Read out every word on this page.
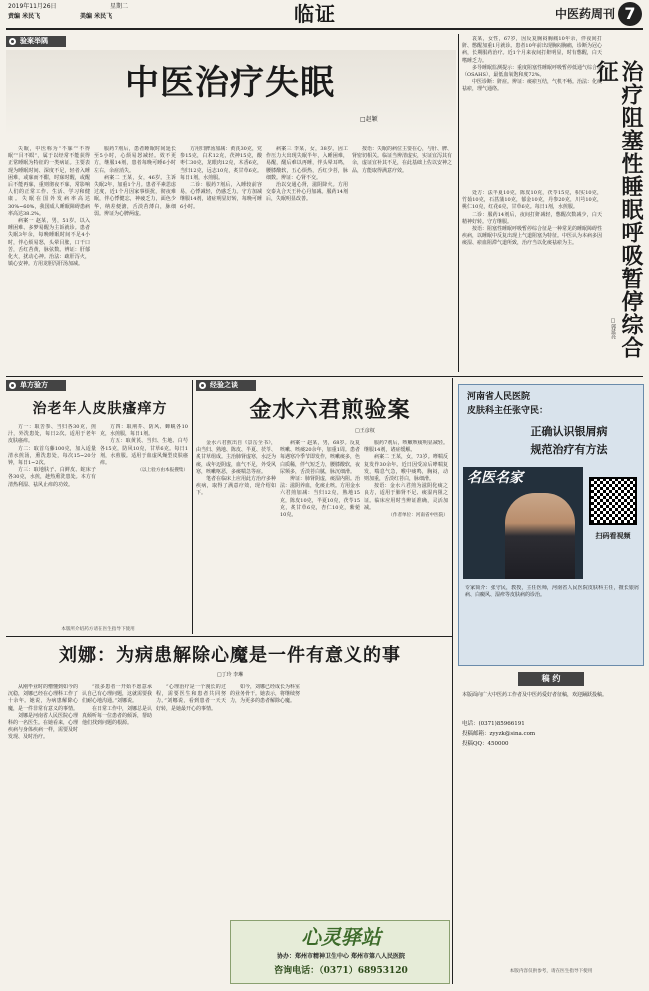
2019年11月26日	星期二
责编 米民飞	美编 米民飞	临证	中医药周刊 7
验案举隅
中医治疗失眠
□赵颖

失眠，中医称为“不寐”“不得眠”“目不瞑”，属于以经常不能获得正常睡眠为特征的一类病证。主要表现为睡眠时间、深度不足，轻者入睡困难，或寐而不酣，时寐时醒，或醒后不能再寐，重则彻夜不寐，常影响人们的正常工作、生活、学习和健康。失眠在国外发病率高达30%~60%，我国成人睡眠障碍患病率高达38.2%。

病案一 赵某，男，51岁。以入睡困难、多梦易醒为主诉就诊。患者失眠3年余，每晚睡眠时间不足4小时，伴心烦易怒，头晕目胀，口干口苦，舌红苔黄，脉弦数。辨证：肝郁化火，扰动心神。治法：疏肝泻火，镇心安神。方用龙胆泻肝汤加减。

服药7剂后，患者睡眠时间延长至5小时，心烦易怒减轻。效不更方，继服14剂，患者每晚可睡6小时左右，余症消失。

病案二 王某，女，46岁。主诉失眠2年，加重1个月。患者平素思虑过度，近1个月因家事烦扰，彻夜难眠，伴心悸健忘，神疲乏力，面色少华，纳差便溏，舌淡苔薄白，脉细弱。辨证为心脾两虚。

方用归脾汤加减：黄芪30克，党参15克，白术12克，茯神15克，酸枣仁30克，龙眼肉12克，木香6克，当归12克，远志10克，炙甘草6克。每日1剂，水煎服。

二诊：服药7剂后，入睡较前容易，心悸减轻，仍感乏力。守方加减继服14剂，诸症明显好转，每晚可睡6小时。

病案三 李某，女，38岁。因工作压力大出现失眠半年，入睡困难，易醒，醒后难以再睡，伴头晕耳鸣，腰膝酸软，五心烦热，舌红少苔，脉细数。辨证：心肾不交。

治以交通心肾，滋阴降火。方用交泰丸合天王补心丹加减。服药14剂后，失眠明显改善。

按语：失眠的病位主要在心，与肝、脾、肾密切相关。临证当辨清虚实，实证宜泻其有余，虚证宜补其不足，在此基础上佐以安神之品，方能取得满意疗效。

袁某，女性，67岁，因反复胸闷胸痛10年余，伴夜间打鼾、憋醒加重1月就诊。患者10年前出现胸闷胸痛，诊断为冠心病，长期服药治疗。近1个月来夜间打鼾明显，时有憋醒，白天嗜睡乏力。

多导睡眠监测提示：重度阻塞性睡眠呼吸暂停低通气综合征（OSAHS），最低血氧饱和度72%。

中医诊断：鼾症。辨证：痰瘀互结，气机不畅。治法：化痰祛瘀，理气通络。	治疗阻塞性睡眠呼吸暂停综合征
□郭延亮

处方：法半夏10克，陈皮10克，茯苓15克，枳实10克，竹茹10克，石菖蒲10克，郁金10克，丹参20克，川芎10克，桃仁10克，红花6克，甘草6克。每日1剂，水煎服。

二诊：服药14剂后，夜间打鼾减轻，憋醒次数减少，白天精神好转。守方继服。

按语：阻塞性睡眠呼吸暂停综合征是一种常见的睡眠障碍性疾病，以睡眠中反复出现上气道阻塞为特征。中医认为本病多因痰湿、瘀血阻滞气道所致，治疗当以化痰祛瘀为主。

单方验方
治老年人皮肤瘙痒方

方一：取苦参、当归各30克，煎汁，外洗患处，每日2次。适用于老年皮肤瘙痒。

方二：取首乌藤100克，加入适量清水煎汤，熏洗患处，每次15~20分钟，每日1~2次。

方三：取地肤子、白鲜皮、蛇床子各30克，水煎，趁热熏洗患处。本方有清热利湿、祛风止痒的功效。

方四：取荆芥、防风、蝉蜕各10克，水煎服，每日1剂。

方五：取黄芪、当归、生地、白芍各15克，防风10克，甘草6克。每日1剂，水煎服。适用于血虚风燥型皮肤瘙痒。

（以上验方由本报搜集）

本版所介绍药方请在医生指导下使用
经验之谈
金水六君煎验案
□王彦权

金水六君煎出自《景岳全书》，由当归、熟地、陈皮、半夏、茯苓、炙甘草组成。主治肺肾虚寒，水泛为痰，或年迈阴虚，血气不足，外受风寒，咳嗽呕恶，多痰喘急等症。

笔者在临床上应用此方治疗多种疾病，取得了满意疗效，现介绍如下。

病案一 赵某，男，68岁。反复咳嗽、咳痰20余年，加重1周。患者每遇寒冷季节即发作，咳嗽痰多，色白质稀，伴气短乏力，腰膝酸软，夜尿频多，舌淡苔白腻，脉沉细滑。

辨证：肺肾阴虚，痰湿内阻。治法：滋阴养血，化痰止咳。方用金水六君煎加减：当归12克，熟地15克，陈皮10克，半夏10克，茯苓15克，炙甘草6克，杏仁10克，紫菀10克。

服药7剂后，咳嗽咳痰明显减轻。继服14剂，诸症缓解。

病案二 王某，女，73岁。哮喘反复发作30余年。近日因受凉后哮喘复发，喘息气急，喉中痰鸣，胸闷，动则加重，舌淡红苔白，脉细滑。

按语：金水六君煎为滋阴化痰之良方，适用于肺肾不足、痰湿内阻之证。临床应用时当辨证准确，灵活加减。

（作者单位：河南省中医院）

刘娜：为病患解除心魔是一件有意义的事
□丁玲 李琳

从刚毕业时的懵懂到如今的沉稳，刘娜已经在心理科工作了十余年。她说，为病患解除心魔，是一件非常有意义的事情。

刘娜是河南省人民医院心理科的一名医生。在她看来，心理疾病与身体疾病一样，需要及时发现、及时治疗。

“很多患者一开始不愿意承认自己有心理问题，这就需要我们耐心地沟通。”刘娜说。

在日常工作中，刘娜总是认真倾听每一位患者的倾诉，帮助他们找到问题的根源。

“心理治疗是一个漫长的过程，需要医生和患者共同努力。”刘娜说，看到患者一天天好转，是她最开心的事情。

如今，刘娜已经成长为科室的业务骨干。她表示，将继续努力，为更多的患者解除心魔。

心灵驿站
协办：郑州市精神卫生中心 郑州市第八人民医院
咨询电话：（0371）68953120
河南省人民医院
皮肤科主任张守民：
正确认识银屑病
规范治疗有方法
名医名家
扫码看视频
专家简介：张守民，教授，主任医师，河南省人民医院皮肤科主任，擅长银屑病、白癜风、湿疹等皮肤病的诊治。
稿 约
本版面向广大中医药工作者及中医药爱好者征稿，欢迎踊跃投稿。
电话：(0371)85966191
投稿邮箱：zyyzk@sina.com
投稿QQ：450000
本版内容仅供参考，请在医生指导下使用
